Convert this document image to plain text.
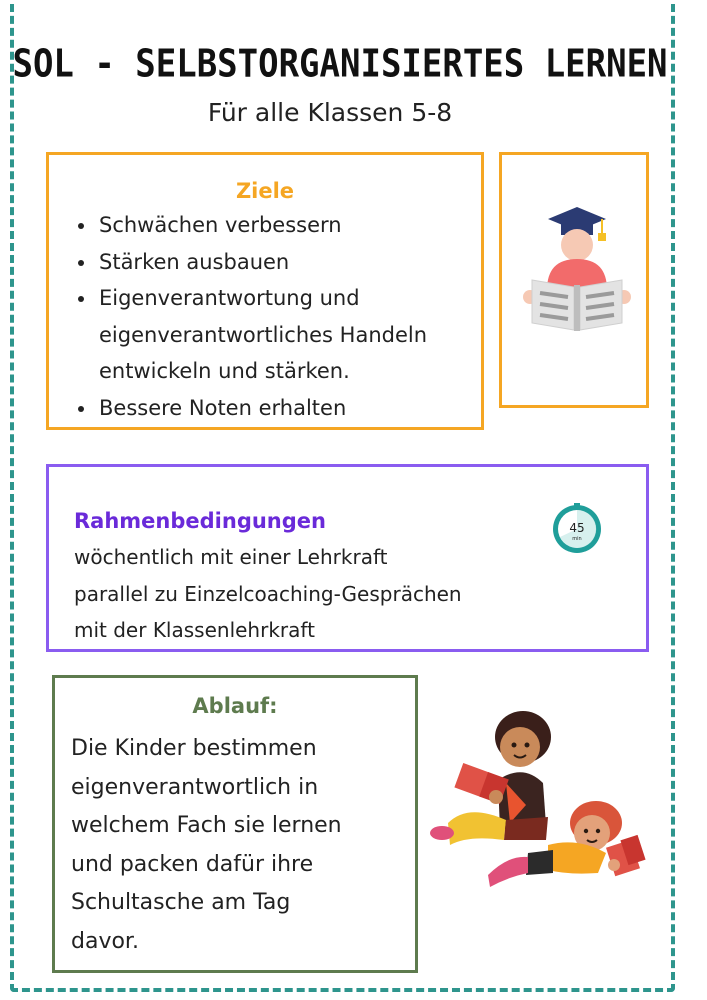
SOL - SELBSTORGANISIERTES LERNEN
Für alle Klassen 5-8
Ziele
• Schwächen verbessern
• Stärken ausbauen
• Eigenverantwortung und
eigenverantwortliches Handeln
entwickeln und stärken.
• Bessere Noten erhalten
Rahmenbedingungen
wöchentlich mit einer Lehrkraft
parallel zu Einzelcoaching-Gesprächen
mit der Klassenlehrkraft
45
min
Ablauf:
Die Kinder bestimmen
eigenverantwortlich in
welchem Fach sie lernen
und packen dafür ihre
Schultasche am Tag
davor.
